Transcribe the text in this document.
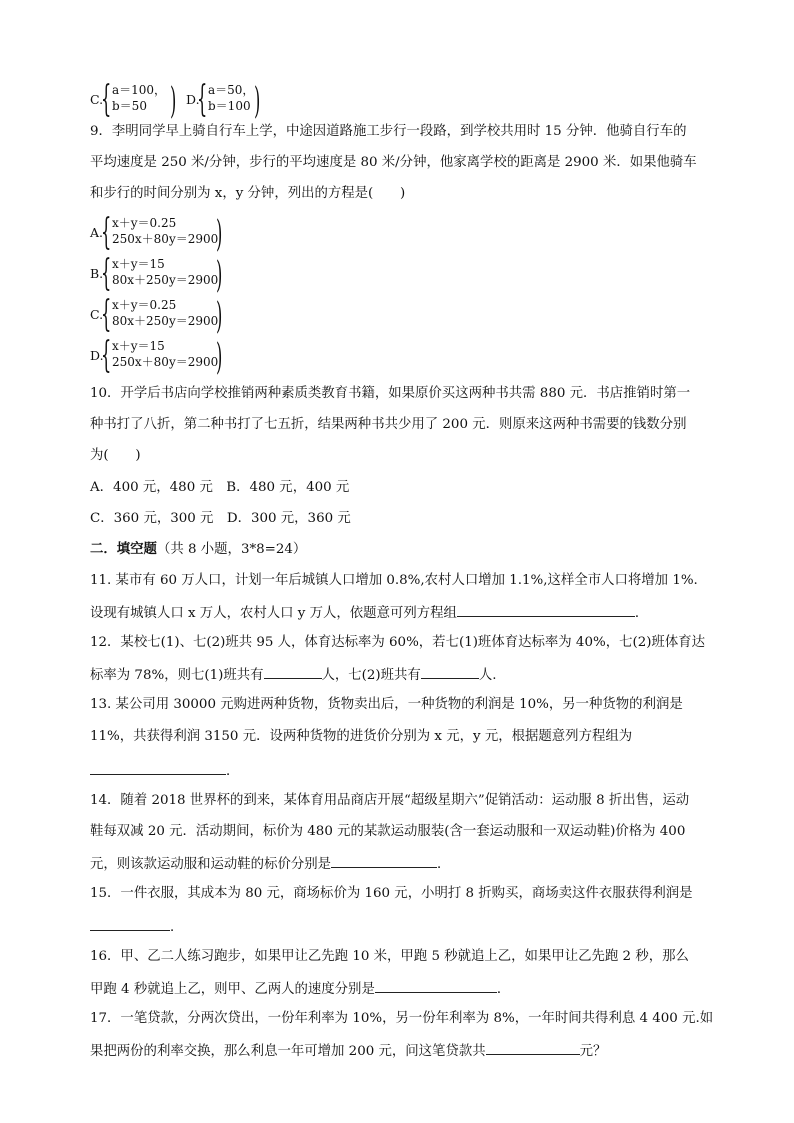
C.
{ a＝100，
b＝50 ) D.
{ a＝50，
b＝100 )
9．李明同学早上骑自行车上学，中途因道路施工步行一段路，到学校共用时 15 分钟．他骑自行车的
平均速度是 250 米/分钟，步行的平均速度是 80 米/分钟，他家离学校的距离是 2900 米．如果他骑车
和步行的时间分别为 x，y 分钟，列出的方程是(　　)
A.
{ x＋y＝0.25
250x＋80y＝2900
)
B.
{ x＋y＝15
80x＋250y＝2900
)
C.
{ x＋y＝0.25
80x＋250y＝2900
)
D.
{ x＋y＝15
250x＋80y＝2900
)
10．开学后书店向学校推销两种素质类教育书籍，如果原价买这两种书共需 880 元．书店推销时第一
种书打了八折，第二种书打了七五折，结果两种书共少用了 200 元．则原来这两种书需要的钱数分别
为(　　)
A．400 元，480 元　B．480 元，400 元
C．360 元，300 元　D．300 元，360 元
二．填空题（共 8 小题，3*8=24）
11. 某市有 60 万人口，计划一年后城镇人口增加 0.8%,农村人口增加 1.1%,这样全市人口将增加 1%.
设现有城镇人口 x 万人，农村人口 y 万人，依题意可列方程组	．
12．某校七(1)、七(2)班共 95 人，体育达标率为 60%，若七(1)班体育达标率为 40%，七(2)班体育达
标率为 78%，则七(1)班共有	人，七(2)班共有	人.
13. 某公司用 30000 元购进两种货物，货物卖出后，一种货物的利润是 10%，另一种货物的利润是
11%，共获得利润 3150 元．设两种货物的进货价分别为 x 元，y 元，根据题意列方程组为
．
14．随着 2018 世界杯的到来，某体育用品商店开展“超级星期六”促销活动：运动服 8 折出售，运动
鞋每双减 20 元．活动期间，标价为 480 元的某款运动服装(含一套运动服和一双运动鞋)价格为 400
元，则该款运动服和运动鞋的标价分别是	．
15．一件衣服，其成本为 80 元，商场标价为 160 元，小明打 8 折购买，商场卖这件衣服获得利润是
．
16．甲、乙二人练习跑步，如果甲让乙先跑 10 米，甲跑 5 秒就追上乙，如果甲让乙先跑 2 秒，那么
甲跑 4 秒就追上乙，则甲、乙两人的速度分别是	．
17．一笔贷款，分两次贷出，一份年利率为 10%，另一份年利率为 8%，一年时间共得利息 4 400 元.如
果把两份的利率交换，那么利息一年可增加 200 元，问这笔贷款共	元？
